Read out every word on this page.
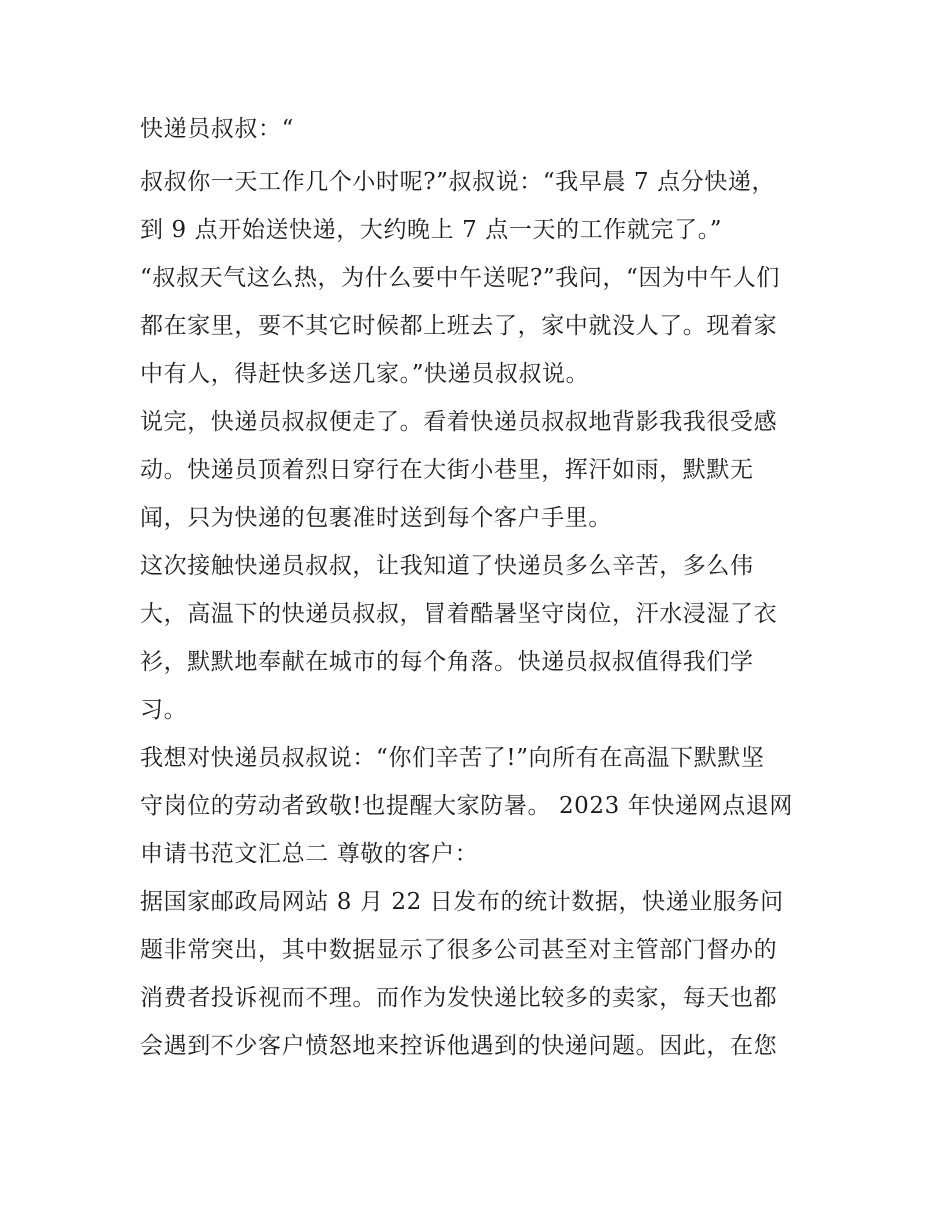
快递员叔叔：“

叔叔你一天工作几个小时呢?”叔叔说：“我早晨 7 点分快递，

到 9 点开始送快递，大约晚上 7 点一天的工作就完了。”

“叔叔天气这么热，为什么要中午送呢?”我问，“因为中午人们

都在家里，要不其它时候都上班去了，家中就没人了。现着家

中有人，得赶快多送几家。”快递员叔叔说。

说完，快递员叔叔便走了。看着快递员叔叔地背影我我很受感

动。快递员顶着烈日穿行在大街小巷里，挥汗如雨，默默无

闻，只为快递的包裹准时送到每个客户手里。

这次接触快递员叔叔，让我知道了快递员多么辛苦，多么伟

大，高温下的快递员叔叔，冒着酷暑坚守岗位，汗水浸湿了衣

衫，默默地奉献在城市的每个角落。快递员叔叔值得我们学

习。

我想对快递员叔叔说：“你们辛苦了!”向所有在高温下默默坚

守岗位的劳动者致敬!也提醒大家防暑。 2023 年快递网点退网

申请书范文汇总二 尊敬的客户：

据国家邮政局网站 8 月 22 日发布的统计数据，快递业服务问

题非常突出，其中数据显示了很多公司甚至对主管部门督办的

消费者投诉视而不理。而作为发快递比较多的卖家，每天也都

会遇到不少客户愤怒地来控诉他遇到的快递问题。因此，在您
